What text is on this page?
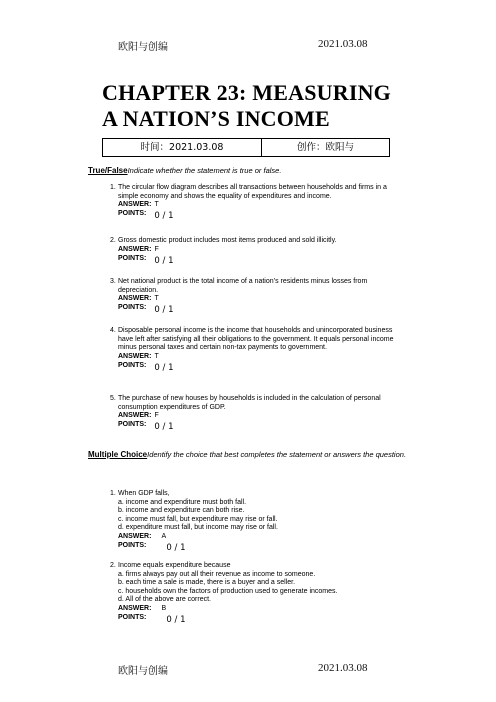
欧阳与创编	2021.03.08
CHAPTER 23: MEASURING
A NATION’S INCOME
时间：2021.03.08	创作：欧阳与
True/FalseIndicate whether the statement is true or false.
1. The circular flow diagram describes all transactions between households and firms in a simple economy and shows the equality of expenditures and income.
ANSWER: T
POINTS: 0 / 1
2. Gross domestic product includes most items produced and sold illicitly.
ANSWER: F
POINTS: 0 / 1
3. Net national product is the total income of a nation’s residents minus losses from depreciation.
ANSWER: T
POINTS: 0 / 1
4. Disposable personal income is the income that households and unincorporated business have left after satisfying all their obligations to the government. It equals personal income minus personal taxes and certain non-tax payments to government.
ANSWER: T
POINTS: 0 / 1
5. The purchase of new houses by households is included in the calculation of personal consumption expenditures of GDP.
ANSWER: F
POINTS: 0 / 1
Multiple ChoiceIdentify the choice that best completes the statement or answers the question.
1. When GDP falls,
a. income and expenditure must both fall.
b. income and expenditure can both rise.
c. income must fall, but expenditure may rise or fall.
d. expenditure must fall, but income may rise or fall.
ANSWER: A
POINTS: 0 / 1
2. Income equals expenditure because
a. firms always pay out all their revenue as income to someone.
b. each time a sale is made, there is a buyer and a seller.
c. households own the factors of production used to generate incomes.
d. All of the above are correct.
ANSWER: B
POINTS: 0 / 1
欧阳与创编	2021.03.08
